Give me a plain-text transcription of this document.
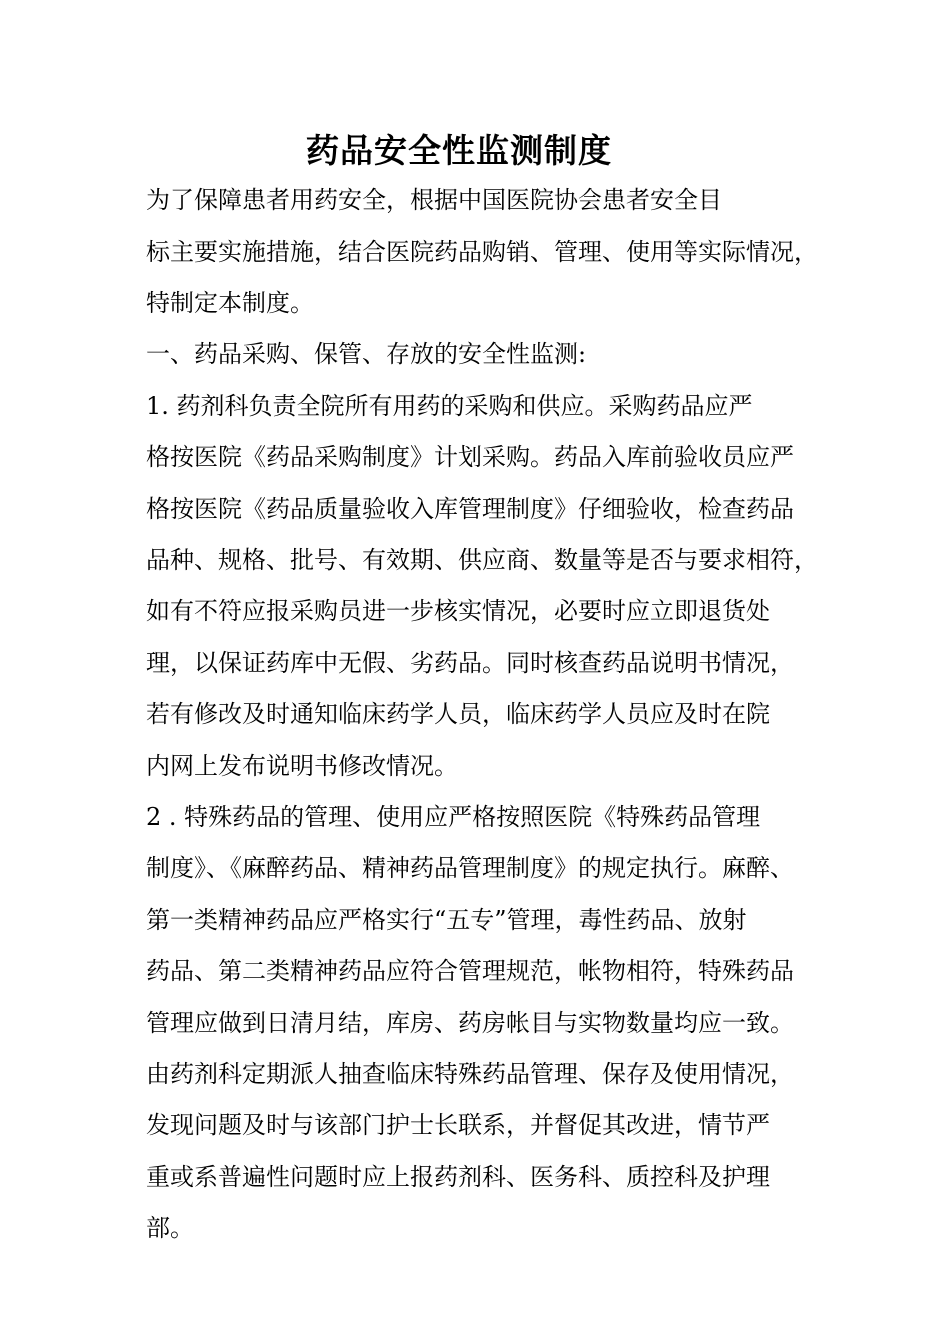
药品安全性监测制度

为了保障患者用药安全，根据中国医院协会患者安全目

标主要实施措施，结合医院药品购销、管理、使用等实际情况，

特制定本制度。

一、药品采购、保管、存放的安全性监测:

1. 药剂科负责全院所有用药的采购和供应。采购药品应严

格按医院《药品采购制度》计划采购。药品入库前验收员应严

格按医院《药品质量验收入库管理制度》仔细验收，检查药品

品种、规格、批号、有效期、供应商、数量等是否与要求相符，

如有不符应报采购员进一步核实情况，必要时应立即退货处

理，以保证药库中无假、劣药品。同时核查药品说明书情况，

若有修改及时通知临床药学人员，临床药学人员应及时在院

内网上发布说明书修改情况。

2 . 特殊药品的管理、使用应严格按照医院《特殊药品管理

制度》、《麻醉药品、精神药品管理制度》的规定执行。麻醉、

第一类精神药品应严格实行“五专”管理，毒性药品、放射

药品、第二类精神药品应符合管理规范，帐物相符，特殊药品

管理应做到日清月结，库房、药房帐目与实物数量均应一致。

由药剂科定期派人抽查临床特殊药品管理、保存及使用情况，

发现问题及时与该部门护士长联系，并督促其改进，情节严

重或系普遍性问题时应上报药剂科、医务科、质控科及护理

部。
